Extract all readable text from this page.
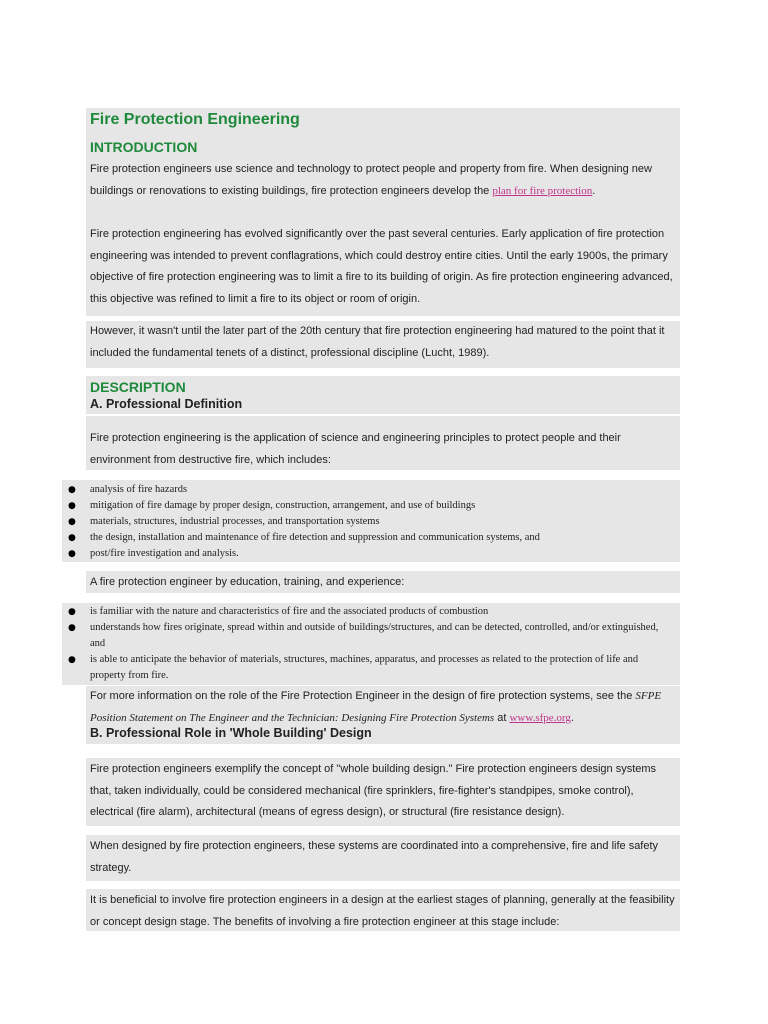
Fire Protection Engineering
INTRODUCTION

Fire protection engineers use science and technology to protect people and property from fire. When designing new buildings or renovations to existing buildings, fire protection engineers develop the plan for fire protection.

Fire protection engineering has evolved significantly over the past several centuries. Early application of fire protection engineering was intended to prevent conflagrations, which could destroy entire cities. Until the early 1900s, the primary objective of fire protection engineering was to limit a fire to its building of origin. As fire protection engineering advanced, this objective was refined to limit a fire to its object or room of origin.

However, it wasn't until the later part of the 20th century that fire protection engineering had matured to the point that it included the fundamental tenets of a distinct, professional discipline (Lucht, 1989).

DESCRIPTION
A. Professional Definition

Fire protection engineering is the application of science and engineering principles to protect people and their environment from destructive fire, which includes:

● analysis of fire hazards
● mitigation of fire damage by proper design, construction, arrangement, and use of buildings
● materials, structures, industrial processes, and transportation systems
● the design, installation and maintenance of fire detection and suppression and communication systems, and
● post/fire investigation and analysis.

A fire protection engineer by education, training, and experience:

● is familiar with the nature and characteristics of fire and the associated products of combustion
● understands how fires originate, spread within and outside of buildings/structures, and can be detected, controlled, and/or extinguished, and
● is able to anticipate the behavior of materials, structures, machines, apparatus, and processes as related to the protection of life and property from fire.

For more information on the role of the Fire Protection Engineer in the design of fire protection systems, see the SFPE Position Statement on The Engineer and the Technician: Designing Fire Protection Systems at www.sfpe.org.

B. Professional Role in 'Whole Building' Design

Fire protection engineers exemplify the concept of "whole building design." Fire protection engineers design systems that, taken individually, could be considered mechanical (fire sprinklers, fire-fighter's standpipes, smoke control), electrical (fire alarm), architectural (means of egress design), or structural (fire resistance design).

When designed by fire protection engineers, these systems are coordinated into a comprehensive, fire and life safety strategy.

It is beneficial to involve fire protection engineers in a design at the earliest stages of planning, generally at the feasibility or concept design stage. The benefits of involving a fire protection engineer at this stage include:
